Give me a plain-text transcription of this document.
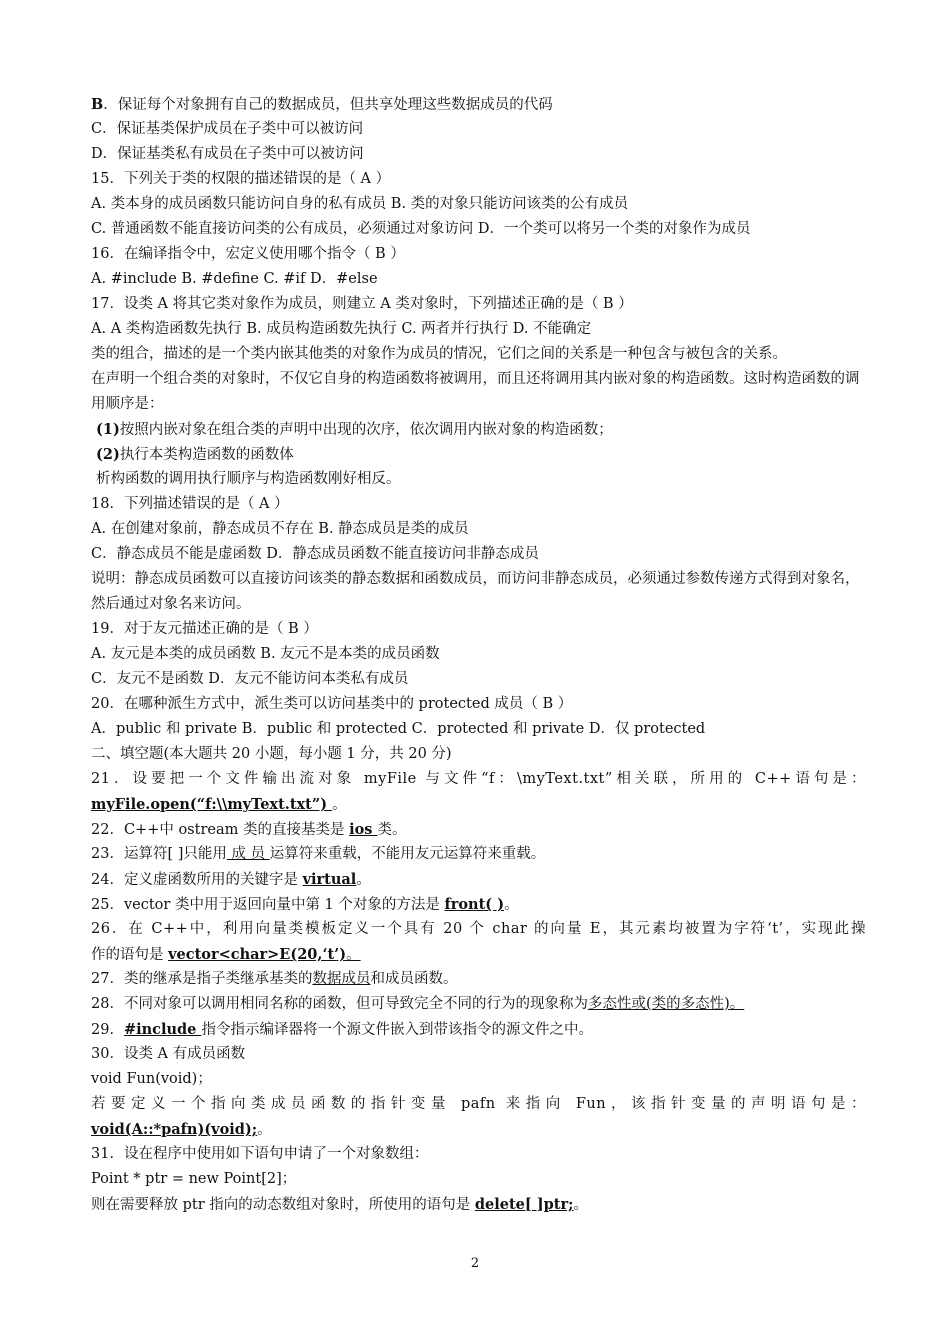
B．保证每个对象拥有自己的数据成员，但共享处理这些数据成员的代码
C．保证基类保护成员在子类中可以被访问
D．保证基类私有成员在子类中可以被访问
15．下列关于类的权限的描述错误的是（ A ）
A. 类本身的成员函数只能访问自身的私有成员 B. 类的对象只能访问该类的公有成员
C. 普通函数不能直接访问类的公有成员，必须通过对象访问 D．一个类可以将另一个类的对象作为成员
16．在编译指令中，宏定义使用哪个指令（ B ）
A. #include B. #define C. #if D．#else
17．设类 A 将其它类对象作为成员，则建立 A 类对象时，下列描述正确的是（ B ）
A. A 类构造函数先执行 B. 成员构造函数先执行 C. 两者并行执行 D. 不能确定
类的组合，描述的是一个类内嵌其他类的对象作为成员的情况，它们之间的关系是一种包含与被包含的关系。
在声明一个组合类的对象时，不仅它自身的构造函数将被调用，而且还将调用其内嵌对象的构造函数。这时构造函数的调用顺序是：
(1)按照内嵌对象在组合类的声明中出现的次序，依次调用内嵌对象的构造函数；
(2)执行本类构造函数的函数体
析构函数的调用执行顺序与构造函数刚好相反。
18．下列描述错误的是（ A ）
A. 在创建对象前，静态成员不存在 B. 静态成员是类的成员
C．静态成员不能是虚函数 D．静态成员函数不能直接访问非静态成员
说明：静态成员函数可以直接访问该类的静态数据和函数成员，而访问非静态成员，必须通过参数传递方式得到对象名，然后通过对象名来访问。
19．对于友元描述正确的是（ B ）
A. 友元是本类的成员函数 B. 友元不是本类的成员函数
C．友元不是函数 D．友元不能访问本类私有成员
20．在哪种派生方式中，派生类可以访问基类中的 protected 成员（ B ）
A．public 和 private B．public 和 protected C．protected 和 private D．仅 protected
二、填空题(本大题共 20 小题，每小题 1 分，共 20 分)
21．设要把一个文件输出流对象 myFile 与文件“f：\myText.txt”相关联，所用的 C++语句是：
myFile.open(“f:\\myText.txt”) 。
22．C++中 ostream 类的直接基类是 ios 类。
23．运算符[ ]只能用 成 员 运算符来重载，不能用友元运算符来重载。
24．定义虚函数所用的关键字是 virtual。
25．vector 类中用于返回向量中第 1 个对象的方法是 front( )。
26．在 C++中，利用向量类模板定义一个具有 20 个 char 的向量 E，其元素均被置为字符‘t’，实现此操
作的语句是 vector<char>E(20,‘t’)。
27．类的继承是指子类继承基类的数据成员和成员函数。
28．不同对象可以调用相同名称的函数，但可导致完全不同的行为的现象称为多态性或(类的多态性)。
29．#include 指令指示编译器将一个源文件嵌入到带该指令的源文件之中。
30．设类 A 有成员函数
void Fun(void)；
若要定义一个指向类成员函数的指针变量 pafn 来指向 Fun，该指针变量的声明语句是：
void(A::*pafn)(void);。
31．设在程序中使用如下语句申请了一个对象数组：
Point * ptr = new Point[2]；
则在需要释放 ptr 指向的动态数组对象时，所使用的语句是 delete[ ]ptr;。
2
